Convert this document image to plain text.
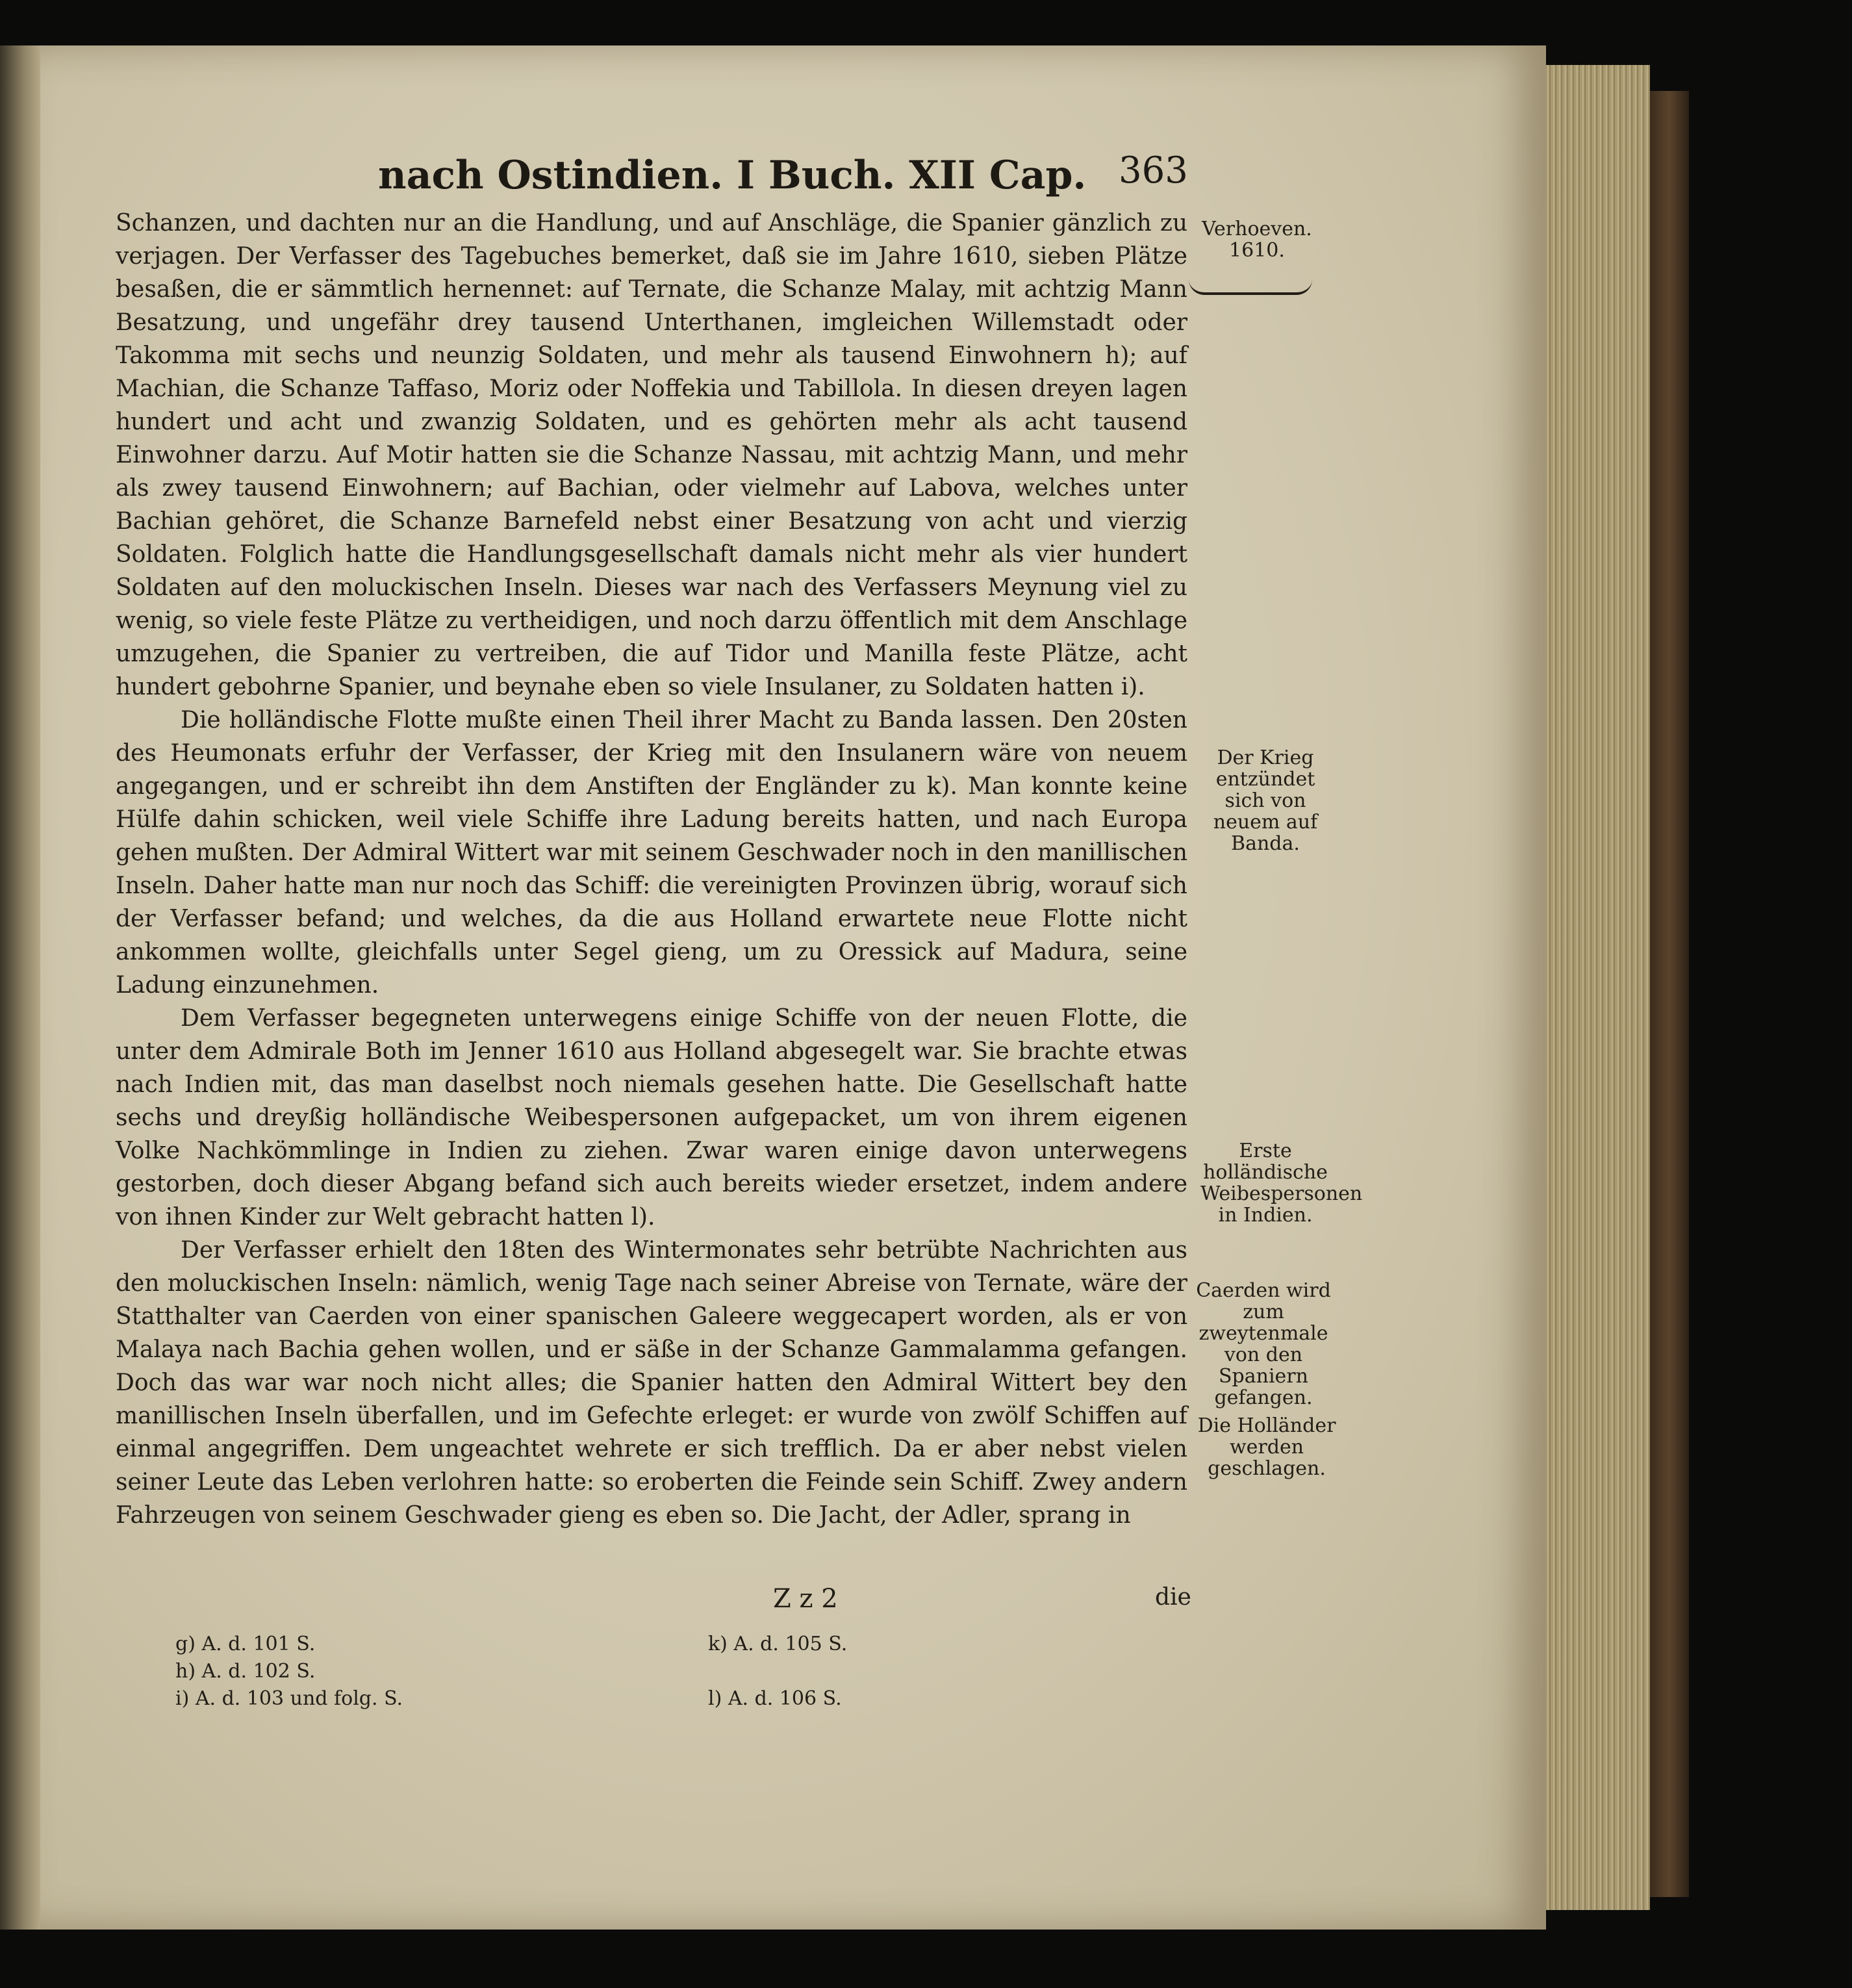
nach Ostindien. I Buch. XII Cap. 363

Schanzen, und dachten nur an die Handlung, und auf Anschläge, die Spanier gänzlich zu verjagen. Der Verfasser des Tagebuches bemerket, daß sie im Jahre 1610, sieben Plätze besaßen, die er sämmtlich hernennet: auf Ternate, die Schanze Malay, mit achtzig Mann Besatzung, und ungefähr drey tausend Unterthanen, imgleichen Willemstadt oder Takomma mit sechs und neunzig Soldaten, und mehr als tausend Einwohnern h); auf Machian, die Schanze Taffaso, Moriz oder Noffekia und Tabillola. In diesen dreyen lagen hundert und acht und zwanzig Soldaten, und es gehörten mehr als acht tausend Einwohner darzu. Auf Motir hatten sie die Schanze Nassau, mit achtzig Mann, und mehr als zwey tausend Einwohnern; auf Bachian, oder vielmehr auf Labova, welches unter Bachian gehöret, die Schanze Barnefeld nebst einer Besatzung von acht und vierzig Soldaten. Folglich hatte die Handlungsgesellschaft damals nicht mehr als vier hundert Soldaten auf den moluckischen Inseln. Dieses war nach des Verfassers Meynung viel zu wenig, so viele feste Plätze zu vertheidigen, und noch darzu öffentlich mit dem Anschlage umzugehen, die Spanier zu vertreiben, die auf Tidor und Manilla feste Plätze, acht hundert gebohrne Spanier, und beynahe eben so viele Insulaner, zu Soldaten hatten i).

Die holländische Flotte mußte einen Theil ihrer Macht zu Banda lassen. Den 20sten des Heumonats erfuhr der Verfasser, der Krieg mit den Insulanern wäre von neuem angegangen, und er schreibt ihn dem Anstiften der Engländer zu k). Man konnte keine Hülfe dahin schicken, weil viele Schiffe ihre Ladung bereits hatten, und nach Europa gehen mußten. Der Admiral Wittert war mit seinem Geschwader noch in den manillischen Inseln. Daher hatte man nur noch das Schiff: die vereinigten Provinzen übrig, worauf sich der Verfasser befand; und welches, da die aus Holland erwartete neue Flotte nicht ankommen wollte, gleichfalls unter Segel gieng, um zu Oressick auf Madura, seine Ladung einzunehmen.

Dem Verfasser begegneten unterwegens einige Schiffe von der neuen Flotte, die unter dem Admirale Both im Jenner 1610 aus Holland abgesegelt war. Sie brachte etwas nach Indien mit, das man daselbst noch niemals gesehen hatte. Die Gesellschaft hatte sechs und dreyßig holländische Weibespersonen aufgepacket, um von ihrem eigenen Volke Nachkömmlinge in Indien zu ziehen. Zwar waren einige davon unterwegens gestorben, doch dieser Abgang befand sich auch bereits wieder ersetzet, indem andere von ihnen Kinder zur Welt gebracht hatten l).

Der Verfasser erhielt den 18ten des Wintermonates sehr betrübte Nachrichten aus den moluckischen Inseln: nämlich, wenig Tage nach seiner Abreise von Ternate, wäre der Statthalter van Caerden von einer spanischen Galeere weggecapert worden, als er von Malaya nach Bachia gehen wollen, und er säße in der Schanze Gammalamma gefangen. Doch das war war noch nicht alles; die Spanier hatten den Admiral Wittert bey den manillischen Inseln überfallen, und im Gefechte erleget: er wurde von zwölf Schiffen auf einmal angegriffen. Dem ungeachtet wehrete er sich trefflich. Da er aber nebst vielen seiner Leute das Leben verlohren hatte: so eroberten die Feinde sein Schiff. Zwey andern Fahrzeugen von seinem Geschwader gieng es eben so. Die Jacht, der Adler, sprang in

Verhoeven.
1610.
Der Krieg entzündet sich von neuem auf Banda.
Erste holländische Weibespersonen in Indien.
Caerden wird zum zweytenmale von den Spaniern gefangen.
Die Holländer werden geschlagen.
Z z 2	die
g) A. d. 101 S.
h) A. d. 102 S.
i) A. d. 103 und folg. S.
k) A. d. 105 S.
l) A. d. 106 S.
